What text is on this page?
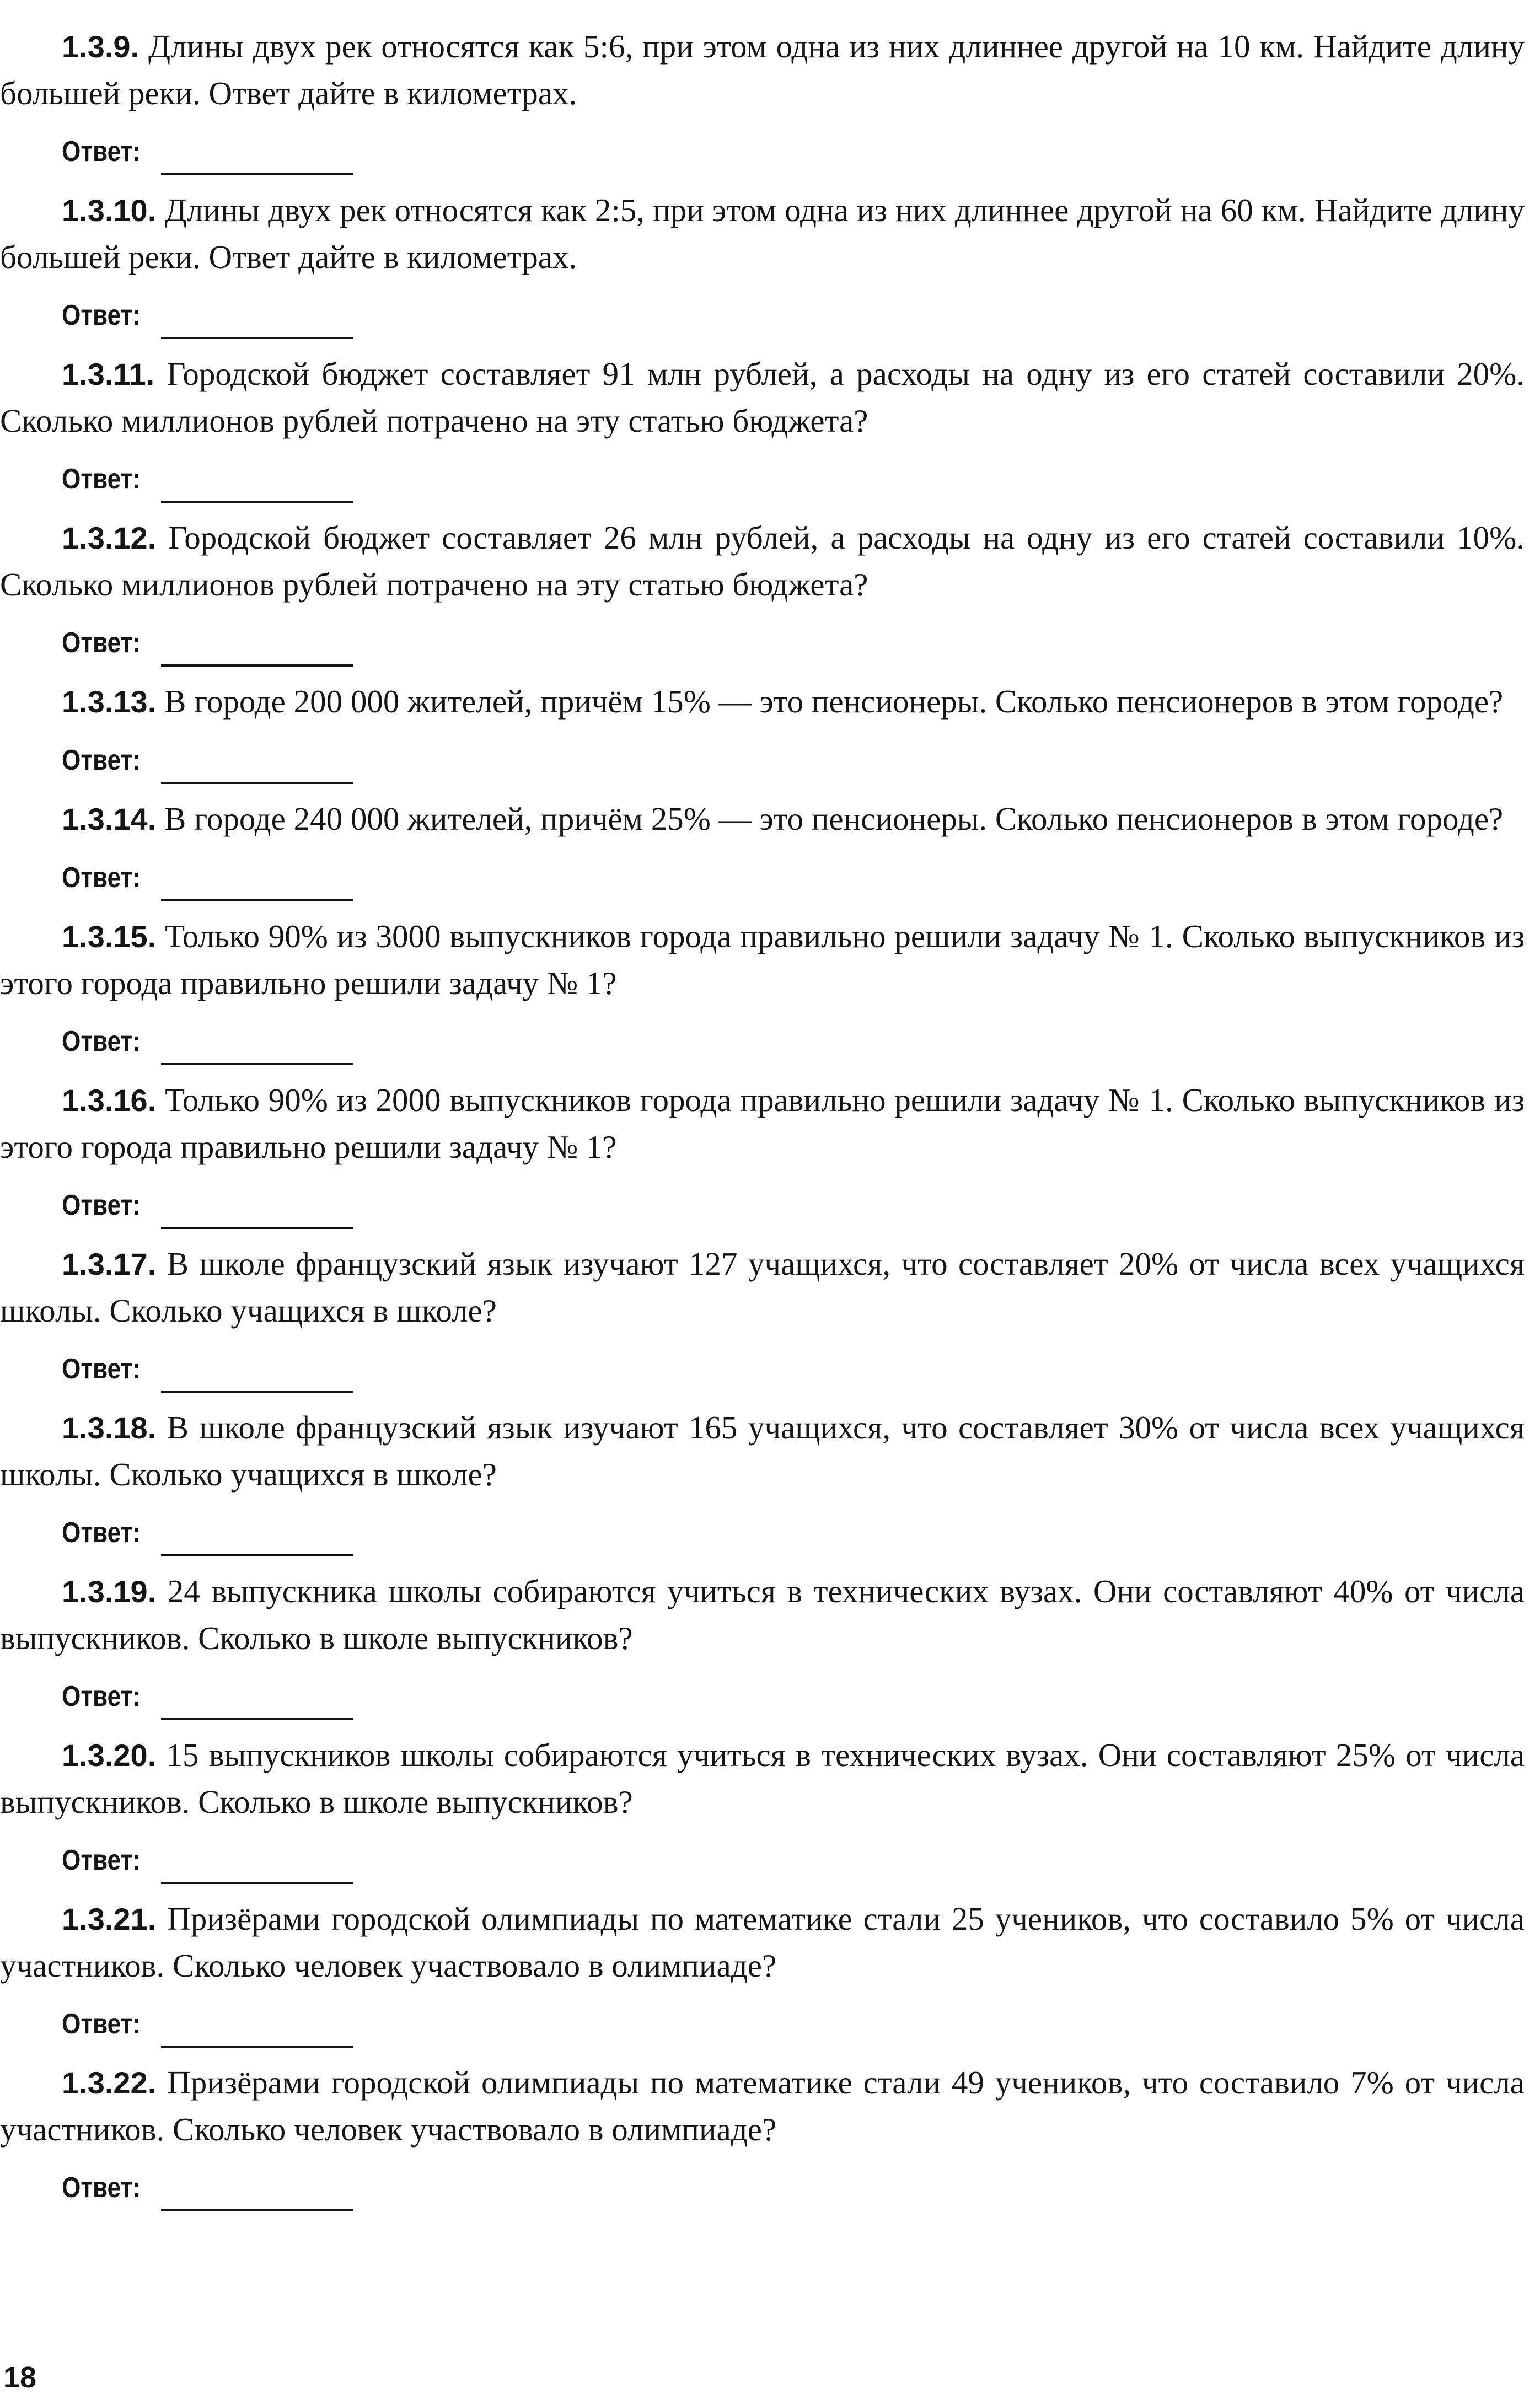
1.3.9. Длины двух рек относятся как 5:6, при этом одна из них длиннее другой на 10 км. Найдите длину большей реки. Ответ дайте в километрах.

Ответ:

1.3.10. Длины двух рек относятся как 2:5, при этом одна из них длиннее другой на 60 км. Найдите длину большей реки. Ответ дайте в километрах.

Ответ:

1.3.11. Городской бюджет составляет 91 млн рублей, а расходы на одну из его статей составили 20%. Сколько миллионов рублей потрачено на эту статью бюджета?

Ответ:

1.3.12. Городской бюджет составляет 26 млн рублей, а расходы на одну из его статей составили 10%. Сколько миллионов рублей потрачено на эту статью бюджета?

Ответ:

1.3.13. В городе 200 000 жителей, причём 15% — это пенсионеры. Сколько пенсионеров в этом городе?

Ответ:

1.3.14. В городе 240 000 жителей, причём 25% — это пенсионеры. Сколько пенсионеров в этом городе?

Ответ:

1.3.15. Только 90% из 3000 выпускников города правильно решили задачу № 1. Сколько выпускников из этого города правильно решили задачу № 1?

Ответ:

1.3.16. Только 90% из 2000 выпускников города правильно решили задачу № 1. Сколько выпускников из этого города правильно решили задачу № 1?

Ответ:

1.3.17. В школе французский язык изучают 127 учащихся, что составляет 20% от числа всех учащихся школы. Сколько учащихся в школе?

Ответ:

1.3.18. В школе французский язык изучают 165 учащихся, что составляет 30% от числа всех учащихся школы. Сколько учащихся в школе?

Ответ:

1.3.19. 24 выпускника школы собираются учиться в технических вузах. Они составляют 40% от числа выпускников. Сколько в школе выпускников?

Ответ:

1.3.20. 15 выпускников школы собираются учиться в технических вузах. Они составляют 25% от числа выпускников. Сколько в школе выпускников?

Ответ:

1.3.21. Призёрами городской олимпиады по математике стали 25 учеников, что составило 5% от числа участников. Сколько человек участвовало в олимпиаде?

Ответ:

1.3.22. Призёрами городской олимпиады по математике стали 49 учеников, что составило 7% от числа участников. Сколько человек участвовало в олимпиаде?

Ответ:
18
